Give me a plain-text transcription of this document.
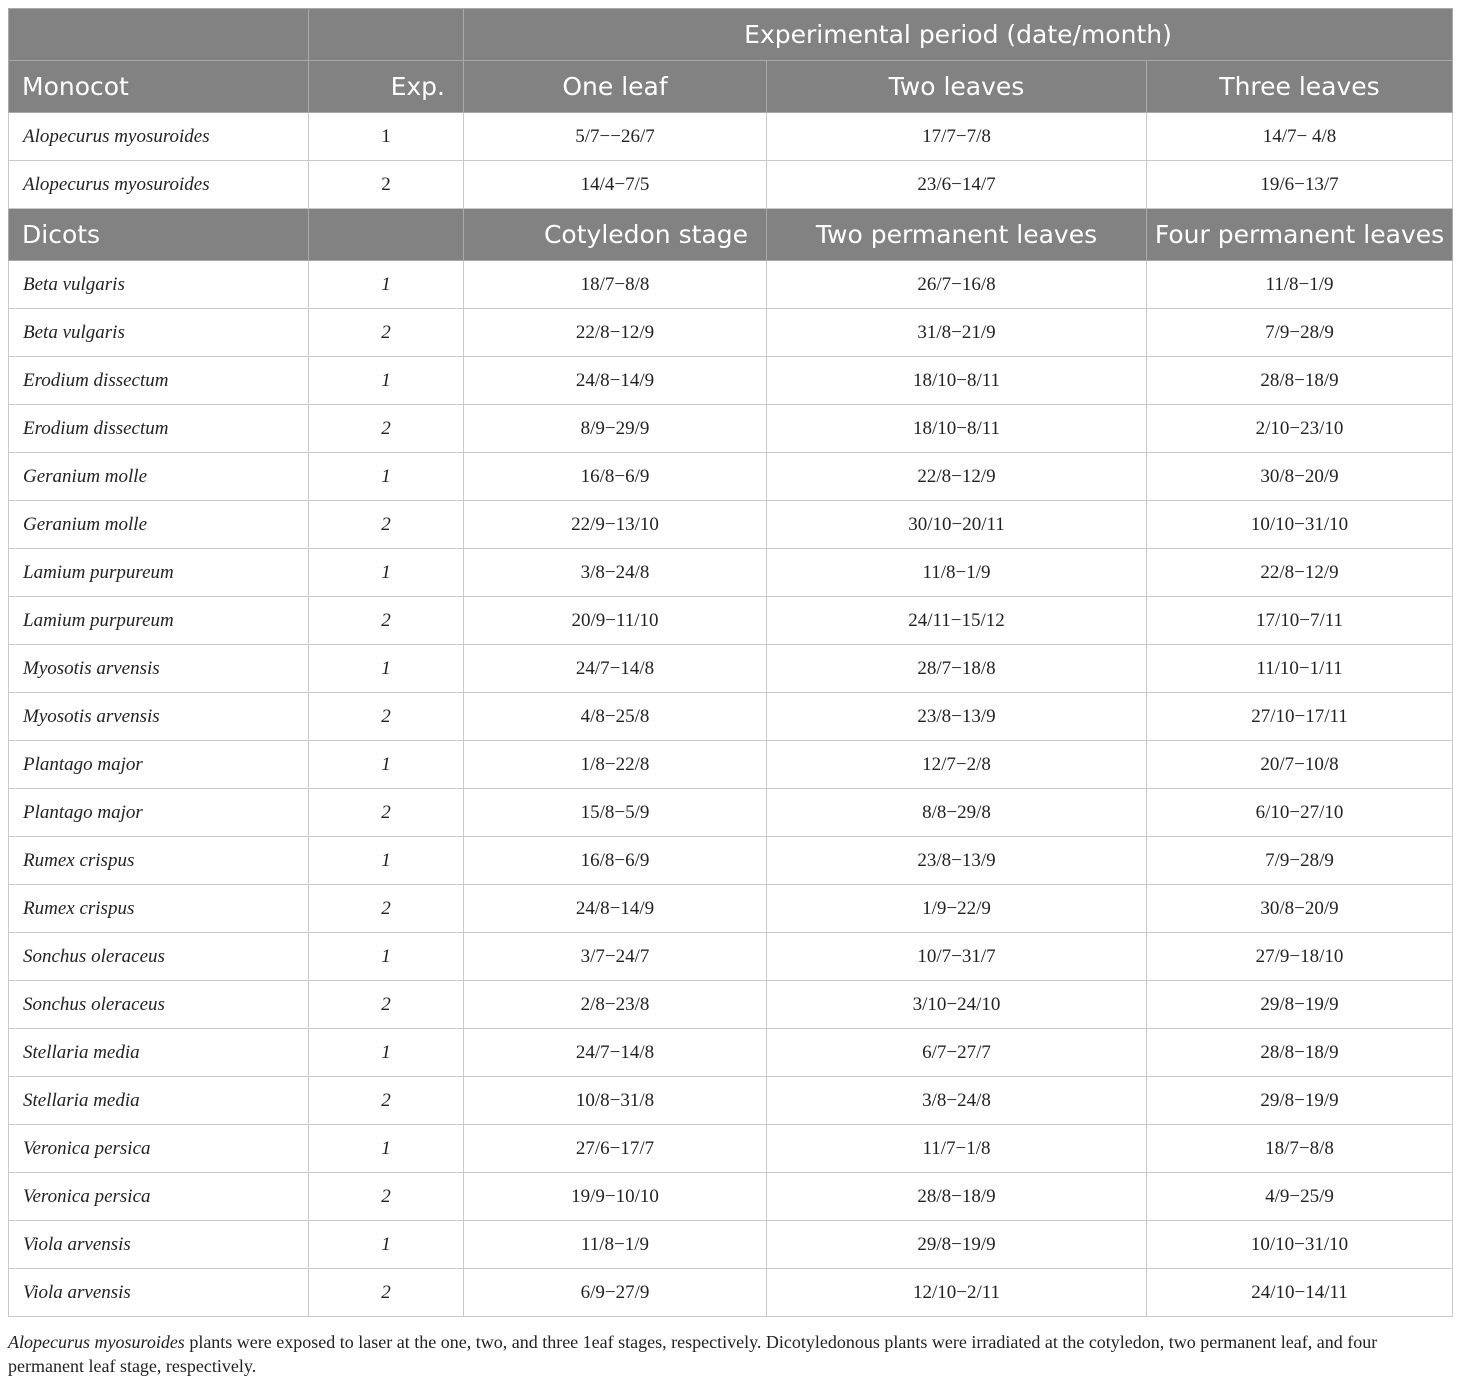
		Experimental period (date/month)		
Monocot	Exp.	One leaf	Two leaves	Three leaves
Alopecurus myosuroides	1	5/7−−26/7	17/7−7/8	14/7− 4/8
Alopecurus myosuroides	2	14/4−7/5	23/6−14/7	19/6−13/7
Dicots		Cotyledon stage	Two permanent leaves	Four permanent leaves
Beta vulgaris	1	18/7−8/8	26/7−16/8	11/8−1/9
Beta vulgaris	2	22/8−12/9	31/8−21/9	7/9−28/9
Erodium dissectum	1	24/8−14/9	18/10−8/11	28/8−18/9
Erodium dissectum	2	8/9−29/9	18/10−8/11	2/10−23/10
Geranium molle	1	16/8−6/9	22/8−12/9	30/8−20/9
Geranium molle	2	22/9−13/10	30/10−20/11	10/10−31/10
Lamium purpureum	1	3/8−24/8	11/8−1/9	22/8−12/9
Lamium purpureum	2	20/9−11/10	24/11−15/12	17/10−7/11
Myosotis arvensis	1	24/7−14/8	28/7−18/8	11/10−1/11
Myosotis arvensis	2	4/8−25/8	23/8−13/9	27/10−17/11
Plantago major	1	1/8−22/8	12/7−2/8	20/7−10/8
Plantago major	2	15/8−5/9	8/8−29/8	6/10−27/10
Rumex crispus	1	16/8−6/9	23/8−13/9	7/9−28/9
Rumex crispus	2	24/8−14/9	1/9−22/9	30/8−20/9
Sonchus oleraceus	1	3/7−24/7	10/7−31/7	27/9−18/10
Sonchus oleraceus	2	2/8−23/8	3/10−24/10	29/8−19/9
Stellaria media	1	24/7−14/8	6/7−27/7	28/8−18/9
Stellaria media	2	10/8−31/8	3/8−24/8	29/8−19/9
Veronica persica	1	27/6−17/7	11/7−1/8	18/7−8/8
Veronica persica	2	19/9−10/10	28/8−18/9	4/9−25/9
Viola arvensis	1	11/8−1/9	29/8−19/9	10/10−31/10
Viola arvensis	2	6/9−27/9	12/10−2/11	24/10−14/11
Alopecurus myosuroides plants were exposed to laser at the one, two, and three 1eaf stages, respectively. Dicotyledonous plants were irradiated at the cotyledon, two permanent leaf, and four permanent leaf stage, respectively.
